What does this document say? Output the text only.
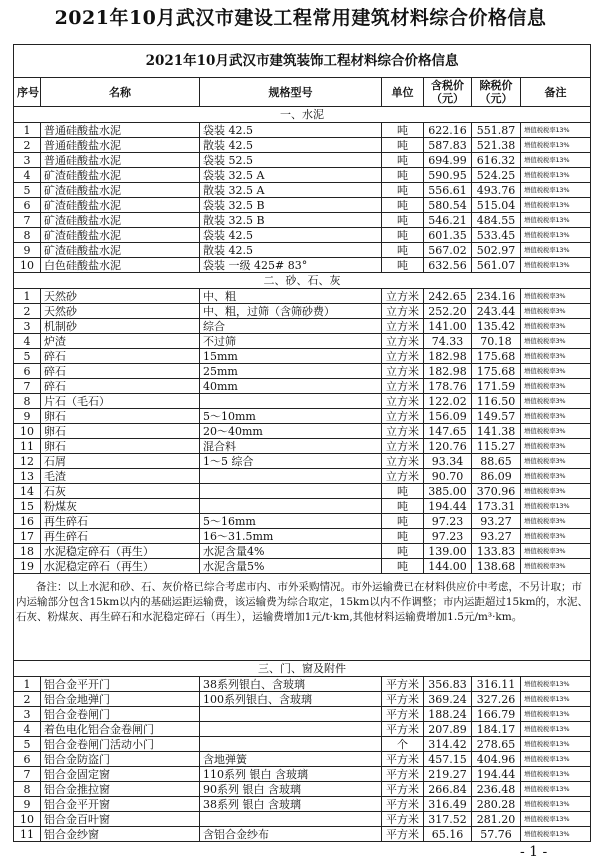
2021年10月武汉市建设工程常用建筑材料综合价格信息
2021年10月武汉市建筑装饰工程材料综合价格信息						
序号	名称	规格型号	单位	含税价（元）	除税价（元）	备注
一、水泥						
1	普通硅酸盐水泥	袋装 42.5	吨	622.16	551.87	增值税税率13%
2	普通硅酸盐水泥	散装 42.5	吨	587.83	521.38	增值税税率13%
3	普通硅酸盐水泥	袋装 52.5	吨	694.99	616.32	增值税税率13%
4	矿渣硅酸盐水泥	袋装 32.5 A	吨	590.95	524.25	增值税税率13%
5	矿渣硅酸盐水泥	散装 32.5 A	吨	556.61	493.76	增值税税率13%
6	矿渣硅酸盐水泥	袋装 32.5 B	吨	580.54	515.04	增值税税率13%
7	矿渣硅酸盐水泥	散装 32.5 B	吨	546.21	484.55	增值税税率13%
8	矿渣硅酸盐水泥	袋装 42.5	吨	601.35	533.45	增值税税率13%
9	矿渣硅酸盐水泥	散装 42.5	吨	567.02	502.97	增值税税率13%
10	白色硅酸盐水泥	袋装 一级 425# 83°	吨	632.56	561.07	增值税税率13%
二、砂、石、灰						
1	天然砂	中、粗	立方米	242.65	234.16	增值税税率3%
2	天然砂	中、粗，过筛（含筛砂费）	立方米	252.20	243.44	增值税税率3%
3	机制砂	综合	立方米	141.00	135.42	增值税税率3%
4	炉渣	不过筛	立方米	74.33	70.18	增值税税率3%
5	碎石	15mm	立方米	182.98	175.68	增值税税率3%
6	碎石	25mm	立方米	182.98	175.68	增值税税率3%
7	碎石	40mm	立方米	178.76	171.59	增值税税率3%
8	片石（毛石）		立方米	122.02	116.50	增值税税率3%
9	卵石	5～10mm	立方米	156.09	149.57	增值税税率3%
10	卵石	20～40mm	立方米	147.65	141.38	增值税税率3%
11	卵石	混合料	立方米	120.76	115.27	增值税税率3%
12	石屑	1～5 综合	立方米	93.34	88.65	增值税税率3%
13	毛渣		立方米	90.70	86.09	增值税税率3%
14	石灰		吨	385.00	370.96	增值税税率3%
15	粉煤灰		吨	194.44	173.31	增值税税率13%
16	再生碎石	5～16mm	吨	97.23	93.27	增值税税率3%
17	再生碎石	16～31.5mm	吨	97.23	93.27	增值税税率3%
18	水泥稳定碎石（再生）	水泥含量4%	吨	139.00	133.83	增值税税率3%
19	水泥稳定碎石（再生）	水泥含量5%	吨	144.00	138.68	增值税税率3%
备注：以上水泥和砂、石、灰价格已综合考虑市内、市外采购情况。市外运输费已在材料供应价中考虑，不另计取；市内运输部分包含15km以内的基础运距运输费，该运输费为综合取定，15km以内不作调整；市内运距超过15km的，水泥、石灰、粉煤灰、再生碎石和水泥稳定碎石（再生），运输费增加1元/t·km,其他材料运输费增加1.5元/m³·km。						
三、门、窗及附件						
1	铝合金平开门	38系列银白、含玻璃	平方米	356.83	316.11	增值税税率13%
2	铝合金地弹门	100系列银白、含玻璃	平方米	369.24	327.26	增值税税率13%
3	铝合金卷闸门		平方米	188.24	166.79	增值税税率13%
4	着色电化铝合金卷闸门		平方米	207.89	184.17	增值税税率13%
5	铝合金卷闸门活动小门		个	314.42	278.65	增值税税率13%
6	铝合金防盗门	含地弹簧	平方米	457.15	404.96	增值税税率13%
7	铝合金固定窗	110系列 银白 含玻璃	平方米	219.27	194.44	增值税税率13%
8	铝合金推拉窗	90系列 银白 含玻璃	平方米	266.84	236.48	增值税税率13%
9	铝合金平开窗	38系列 银白 含玻璃	平方米	316.49	280.28	增值税税率13%
10	铝合金百叶窗		平方米	317.52	281.20	增值税税率13%
11	铝合金纱窗	含铝合金纱布	平方米	65.16	57.76	增值税税率13%
- 1 -
